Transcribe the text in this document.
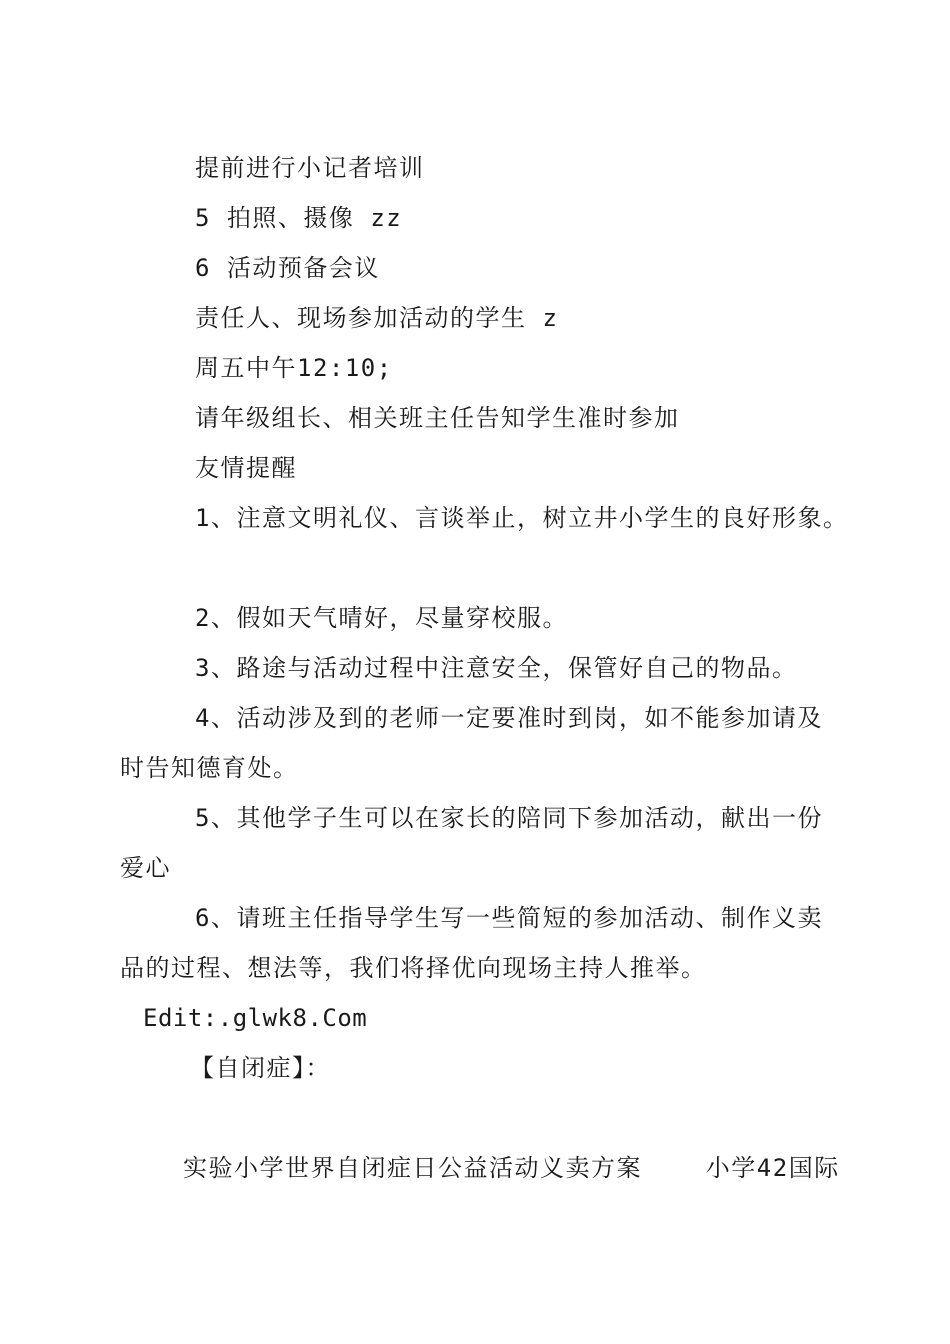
提前进行小记者培训
5 拍照、摄像 zz
6 活动预备会议
责任人、现场参加活动的学生 z
周五中午12:10;
请年级组长、相关班主任告知学生准时参加
友情提醒
1、注意文明礼仪、言谈举止，树立井小学生的良好形象。
2、假如天气晴好，尽量穿校服。
3、路途与活动过程中注意安全，保管好自己的物品。
4、活动涉及到的老师一定要准时到岗，如不能参加请及
时告知德育处。
5、其他学子生可以在家长的陪同下参加活动，献出一份
爱心
6、请班主任指导学生写一些简短的参加活动、制作义卖
品的过程、想法等，我们将择优向现场主持人推举。
Edit:.glwk8.Com
【自闭症】：
实验小学世界自闭症日公益活动义卖方案    小学42国际
